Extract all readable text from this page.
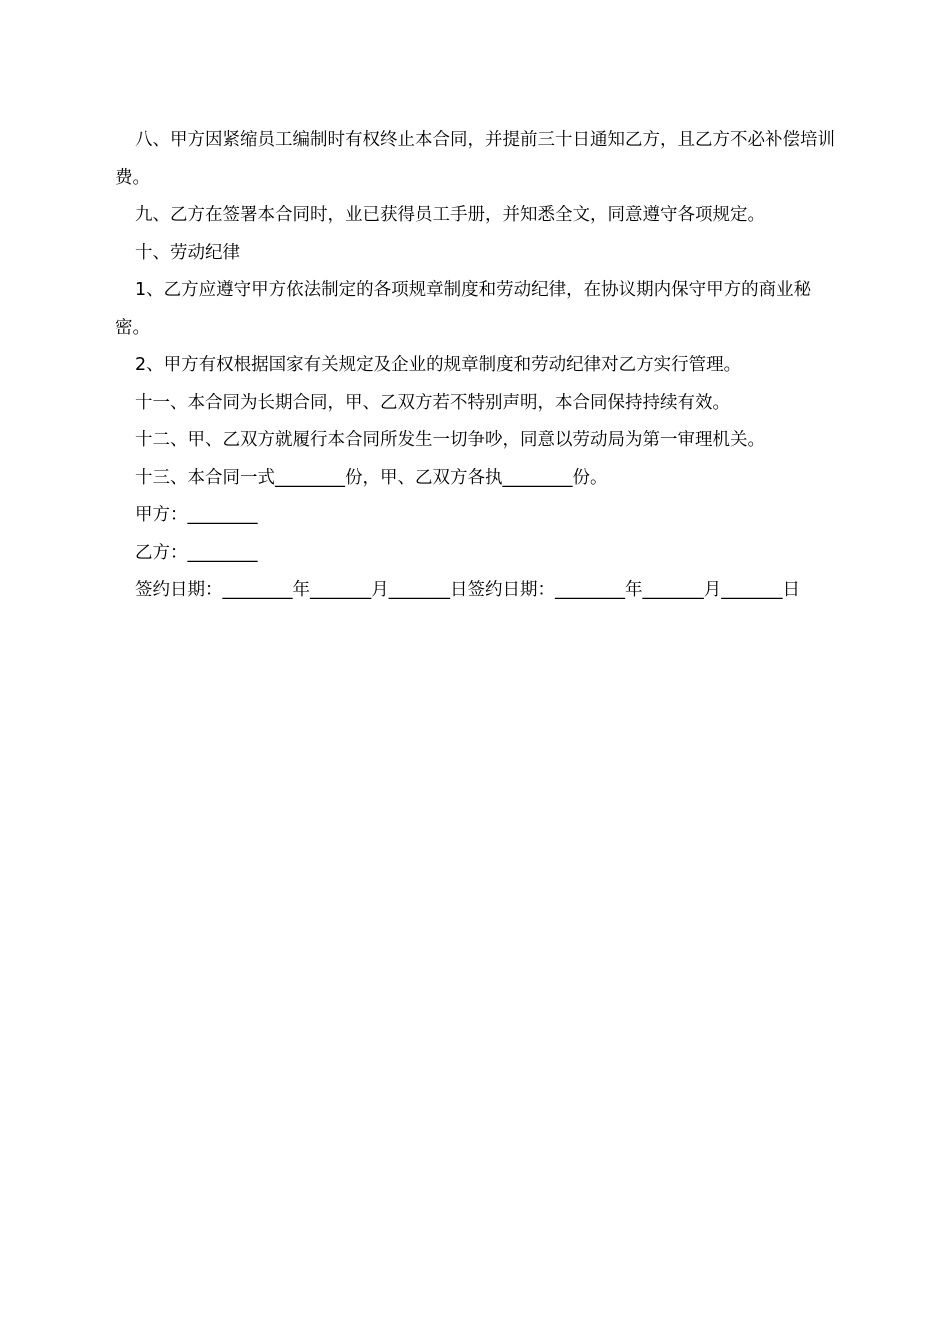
八、甲方因紧缩员工编制时有权终止本合同，并提前三十日通知乙方，且乙方不必补偿培训费。

九、乙方在签署本合同时，业已获得员工手册，并知悉全文，同意遵守各项规定。

十、劳动纪律

1、乙方应遵守甲方依法制定的各项规章制度和劳动纪律，在协议期内保守甲方的商业秘密。

2、甲方有权根据国家有关规定及企业的规章制度和劳动纪律对乙方实行管理。

十一、本合同为长期合同，甲、乙双方若不特别声明，本合同保持持续有效。

十二、甲、乙双方就履行本合同所发生一切争吵，同意以劳动局为第一审理机关。

十三、本合同一式________份，甲、乙双方各执________份。

甲方：________

乙方：________

签约日期：________年_______月_______日签约日期：________年_______月_______日
